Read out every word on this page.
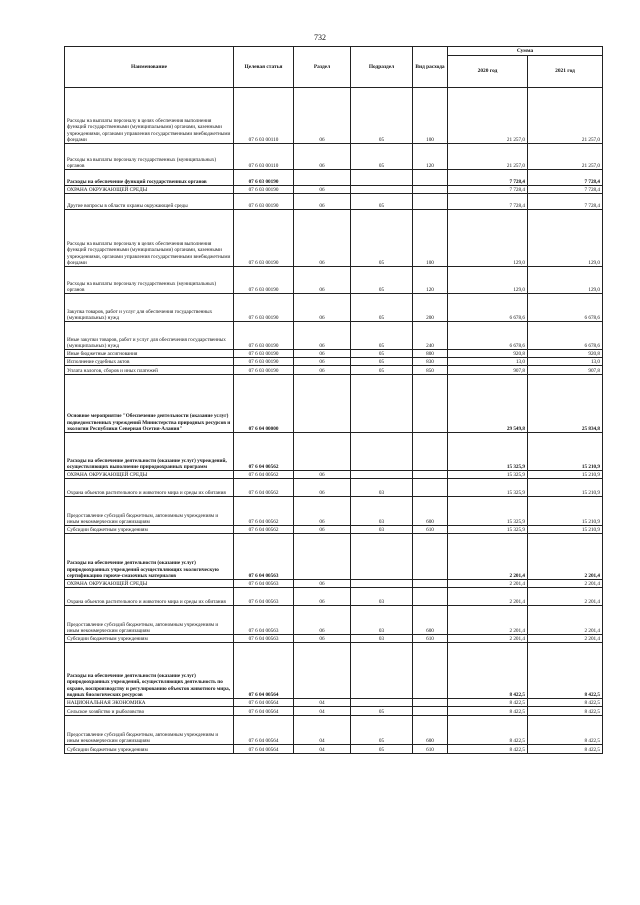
732
Наименование	Целевая статья	Раздел	Подраздел	Вид расхода	Сумма	
					2020 год	2021 год
Расходы на выплаты персоналу в целях обеспечения выполнения функций государственными (муниципальными) органами, казенными учреждениями, органами управления государственными внебюджетными фондами	07 6 03 00110	06	05	100	21 257,0	21 257,0
Расходы на выплаты персоналу государственных (муниципальных) органов	07 6 03 00110	06	05	120	21 257,0	21 257,0
Расходы на обеспечение функций государственных органов	07 6 03 00190				7 728,4	7 728,4
ОХРАНА ОКРУЖАЮЩЕЙ СРЕДЫ	07 6 03 00190	06			7 728,4	7 728,4
Другие вопросы в области охраны окружающей среды	07 6 03 00190	06	05		7 728,4	7 728,4
Расходы на выплаты персоналу в целях обеспечения выполнения функций государственными (муниципальными) органами, казенными учреждениями, органами управления государственными внебюджетными фондами	07 6 03 00190	06	05	100	129,0	129,0
Расходы на выплаты персоналу государственных (муниципальных) органов	07 6 03 00190	06	05	120	129,0	129,0
Закупка товаров, работ и услуг для обеспечения государственных (муниципальных) нужд	07 6 03 00190	06	05	200	6 678,6	6 678,6
Иные закупки товаров, работ и услуг для обеспечения государственных (муниципальных) нужд	07 6 03 00190	06	05	240	6 678,6	6 678,6
Иные бюджетные ассигнования	07 6 03 00190	06	05	800	920,8	920,8
Исполнение судебных актов	07 6 03 00190	06	05	830	13,0	13,0
Уплата налогов, сборов и иных платежей	07 6 03 00190	06	05	850	907,8	907,8
Основное мероприятие "Обеспечение деятельности (оказание услуг) подведомственных учреждений Министерства природных ресурсов и экологии Республики Северная Осетия-Алания"	07 6 04 00000				29 549,8	25 834,8
Расходы на обеспечение деятельности (оказание услуг) учреждений, осуществляющих выполнение природоохранных программ	07 6 04 00562				15 325,9	15 210,9
ОХРАНА ОКРУЖАЮЩЕЙ СРЕДЫ	07 6 04 00562	06			15 325,9	15 210,9
Охрана объектов растительного и животного мира и среды их обитания	07 6 04 00562	06	03		15 325,9	15 210,9
Предоставление субсидий бюджетным, автономным учреждениям и иным некоммерческим организациям	07 6 04 00562	06	03	600	15 325,9	15 210,9
Субсидии бюджетным учреждениям	07 6 04 00562	06	03	610	15 325,9	15 210,9
Расходы на обеспечение деятельности (оказание услуг) природоохранных учреждений осуществляющих экологическую сертификацию горюче-смазочных материалов	07 6 04 00563				2 201,4	2 201,4
ОХРАНА ОКРУЖАЮЩЕЙ СРЕДЫ	07 6 04 00563	06			2 201,4	2 201,4
Охрана объектов растительного и животного мира и среды их обитания	07 6 04 00563	06	03		2 201,4	2 201,4
Предоставление субсидий бюджетным, автономным учреждениям и иным некоммерческим организациям	07 6 04 00563	06	03	600	2 201,4	2 201,4
Субсидии бюджетным учреждениям	07 6 04 00563	06	03	610	2 201,4	2 201,4
Расходы на обеспечение деятельности (оказание услуг) природоохранных учреждений, осуществляющих деятельность по охране, воспроизводству и регулированию объектов животного мира, водных биологических ресурсов	07 6 04 00564				8 422,5	8 422,5
НАЦИОНАЛЬНАЯ ЭКОНОМИКА	07 6 04 00564	04			8 422,5	8 422,5
Сельское хозяйство и рыболовство	07 6 04 00564	04	05		8 422,5	8 422,5
Предоставление субсидий бюджетным, автономным учреждениям и иным некоммерческим организациям	07 6 04 00564	04	05	600	8 422,5	8 422,5
Субсидии бюджетным учреждениям	07 6 04 00564	04	05	610	8 422,5	8 422,5
